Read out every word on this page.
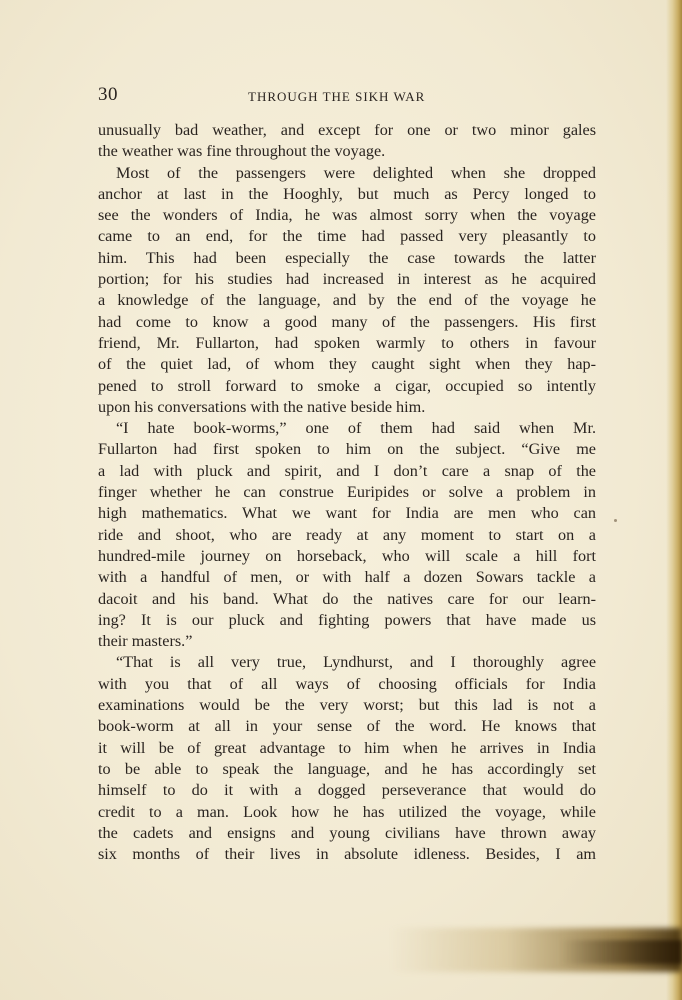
30	THROUGH THE SIKH WAR
unusually bad weather, and except for one or two minor gales
the weather was fine throughout the voyage.
Most of the passengers were delighted when she dropped
anchor at last in the Hooghly, but much as Percy longed to
see the wonders of India, he was almost sorry when the voyage
came to an end, for the time had passed very pleasantly to
him. This had been especially the case towards the latter
portion; for his studies had increased in interest as he acquired
a knowledge of the language, and by the end of the voyage he
had come to know a good many of the passengers. His first
friend, Mr. Fullarton, had spoken warmly to others in favour
of the quiet lad, of whom they caught sight when they hap-
pened to stroll forward to smoke a cigar, occupied so intently
upon his conversations with the native beside him.
“I hate book-worms,” one of them had said when Mr.
Fullarton had first spoken to him on the subject. “Give me
a lad with pluck and spirit, and I don’t care a snap of the
finger whether he can construe Euripides or solve a problem in
high mathematics. What we want for India are men who can
ride and shoot, who are ready at any moment to start on a
hundred-mile journey on horseback, who will scale a hill fort
with a handful of men, or with half a dozen Sowars tackle a
dacoit and his band. What do the natives care for our learn-
ing? It is our pluck and fighting powers that have made us
their masters.”
“That is all very true, Lyndhurst, and I thoroughly agree
with you that of all ways of choosing officials for India
examinations would be the very worst; but this lad is not a
book-worm at all in your sense of the word. He knows that
it will be of great advantage to him when he arrives in India
to be able to speak the language, and he has accordingly set
himself to do it with a dogged perseverance that would do
credit to a man. Look how he has utilized the voyage, while
the cadets and ensigns and young civilians have thrown away
six months of their lives in absolute idleness. Besides, I am
